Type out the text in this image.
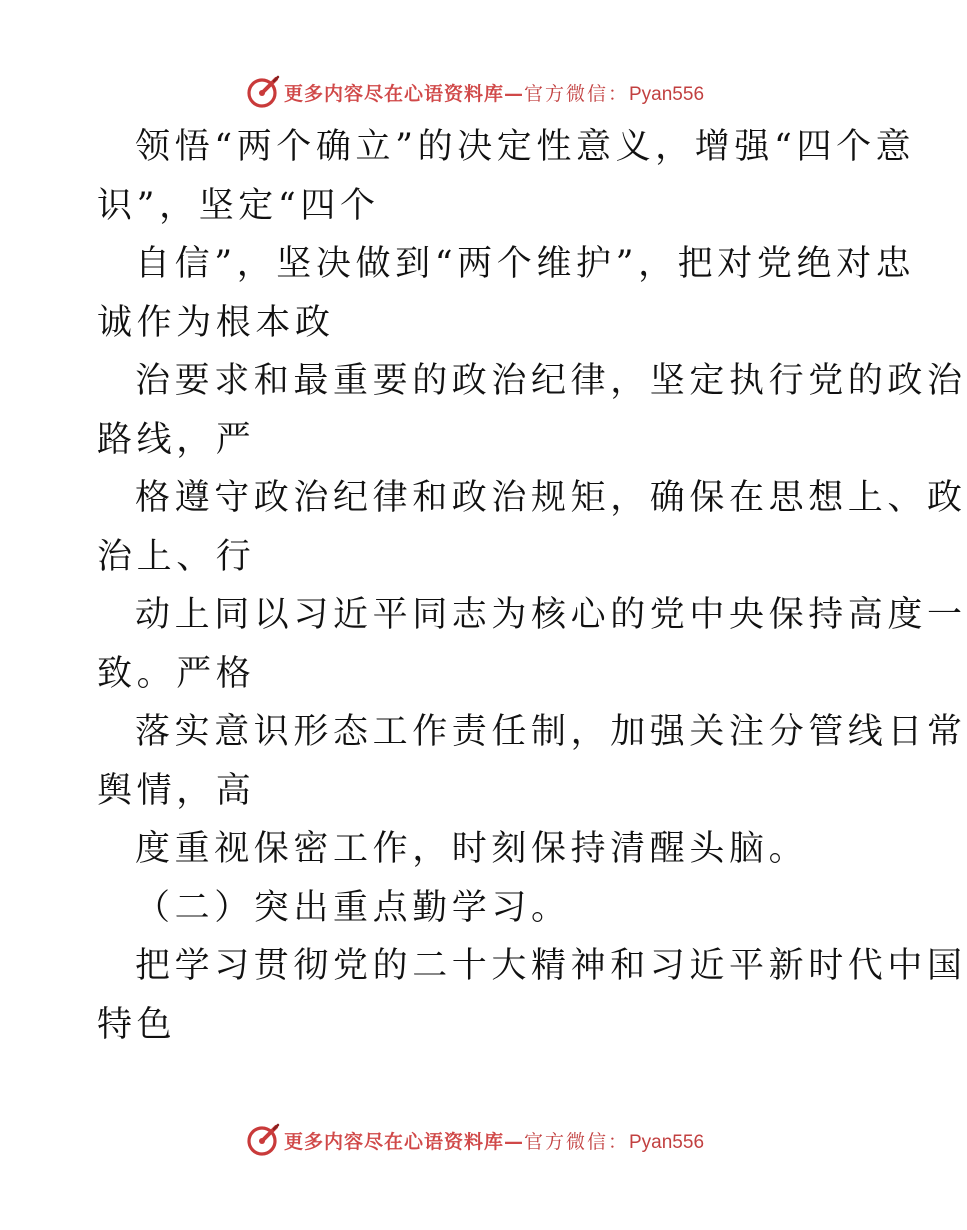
更多内容尽在心语资料库—官方微信：Pyan556
领悟“两个确立”的决定性意义，增强“四个意
识”，坚定“四个
自信”，坚决做到“两个维护”，把对党绝对忠
诚作为根本政
治要求和最重要的政治纪律，坚定执行党的政治
路线，严
格遵守政治纪律和政治规矩，确保在思想上、政
治上、行
动上同以习近平同志为核心的党中央保持高度一
致。严格
落实意识形态工作责任制，加强关注分管线日常
舆情，高
度重视保密工作，时刻保持清醒头脑。
（二）突出重点勤学习。
把学习贯彻党的二十大精神和习近平新时代中国
特色
更多内容尽在心语资料库—官方微信：Pyan556
